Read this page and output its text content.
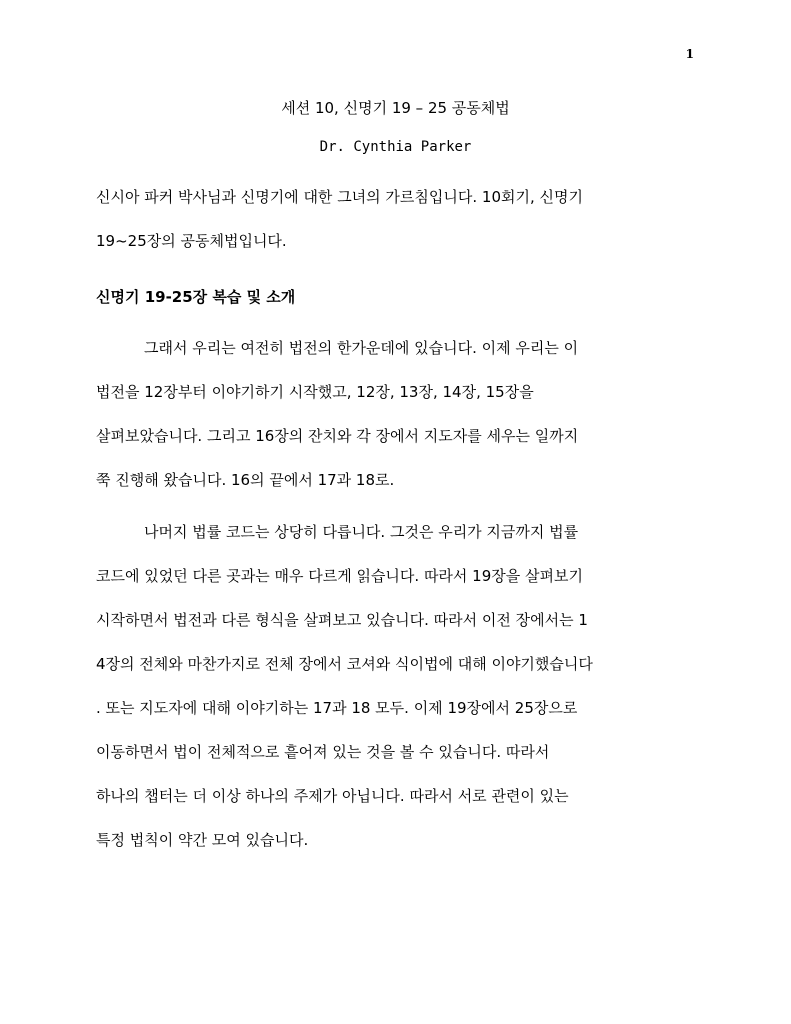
1
세션 10, 신명기 19 – 25 공동체법
Dr. Cynthia Parker
신시아 파커 박사님과 신명기에 대한 그녀의 가르침입니다. 10회기, 신명기
19~25장의 공동체법입니다.
신명기 19-25장 복습 및 소개
그래서 우리는 여전히 법전의 한가운데에 있습니다. 이제 우리는 이
법전을 12장부터 이야기하기 시작했고, 12장, 13장, 14장, 15장을
살펴보았습니다. 그리고 16장의 잔치와 각 장에서 지도자를 세우는 일까지
쭉 진행해 왔습니다. 16의 끝에서 17과 18로.
나머지 법률 코드는 상당히 다릅니다. 그것은 우리가 지금까지 법률
코드에 있었던 다른 곳과는 매우 다르게 읽습니다. 따라서 19장을 살펴보기
시작하면서 법전과 다른 형식을 살펴보고 있습니다. 따라서 이전 장에서는 1
4장의 전체와 마찬가지로 전체 장에서 코셔와 식이법에 대해 이야기했습니다
. 또는 지도자에 대해 이야기하는 17과 18 모두. 이제 19장에서 25장으로
이동하면서 법이 전체적으로 흩어져 있는 것을 볼 수 있습니다. 따라서
하나의 챕터는 더 이상 하나의 주제가 아닙니다. 따라서 서로 관련이 있는
특정 법칙이 약간 모여 있습니다.
